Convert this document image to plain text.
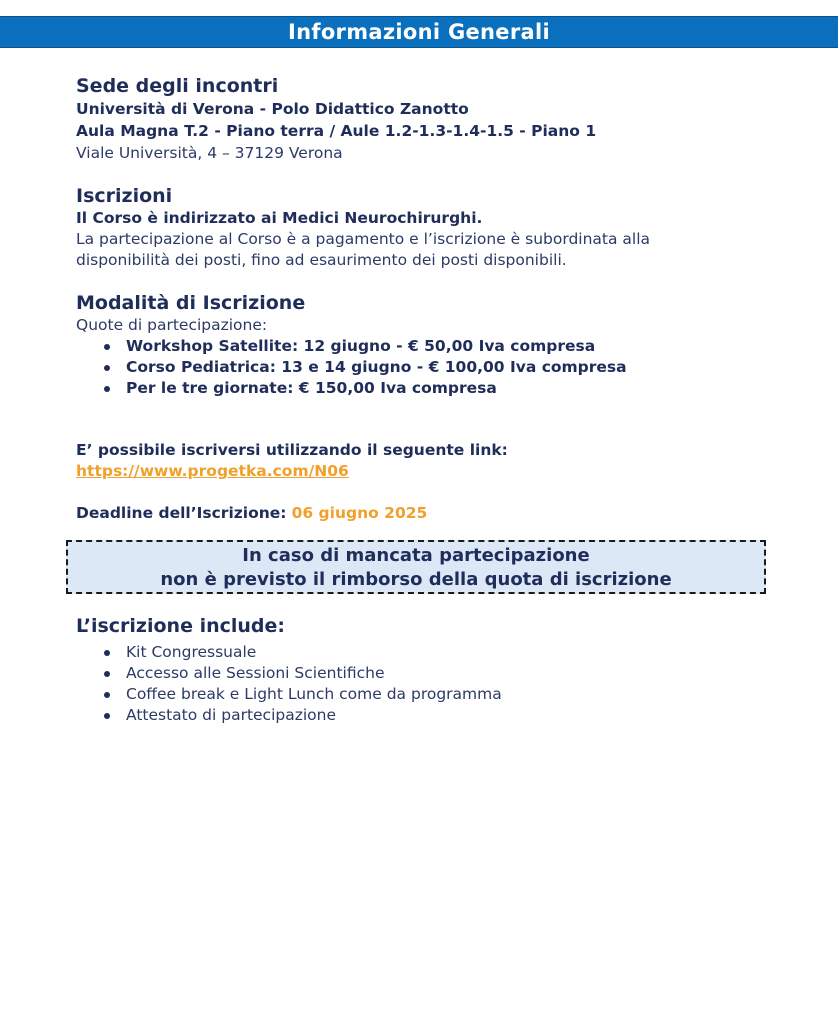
Informazioni Generali

Sede degli incontri

Università di Verona - Polo Didattico Zanotto

Aula Magna T.2 - Piano terra / Aule 1.2-1.3-1.4-1.5 - Piano 1

Viale Università, 4 – 37129 Verona

Iscrizioni

Il Corso è indirizzato ai Medici Neurochirurghi.

La partecipazione al Corso è a pagamento e l’iscrizione è subordinata alla

disponibilità dei posti, fino ad esaurimento dei posti disponibili.

Modalità di Iscrizione

Quote di partecipazione:

Workshop Satellite: 12 giugno - € 50,00 Iva compresa
Corso Pediatrica: 13 e 14 giugno - € 100,00 Iva compresa
Per le tre giornate: € 150,00 Iva compresa

E’ possibile iscriversi utilizzando il seguente link:

https://www.progetka.com/N06
Deadline dell’Iscrizione: 06 giugno 2025
In caso di mancata partecipazione
non è previsto il rimborso della quota di iscrizione

L’iscrizione include:

Kit Congressuale
Accesso alle Sessioni Scientifiche
Coffee break e Light Lunch come da programma
Attestato di partecipazione
